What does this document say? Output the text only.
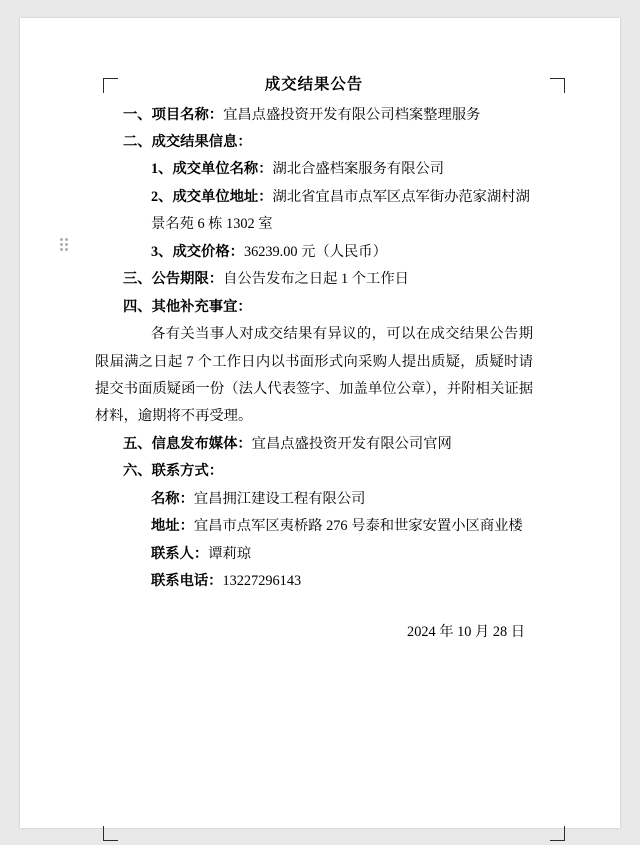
成交结果公告
一、项目名称：宜昌点盛投资开发有限公司档案整理服务
二、成交结果信息：
1、成交单位名称：湖北合盛档案服务有限公司
2、成交单位地址：湖北省宜昌市点军区点军街办范家湖村湖景名苑 6 栋 1302 室
3、成交价格：36239.00 元（人民币）
三、公告期限：自公告发布之日起 1 个工作日
四、其他补充事宜：
各有关当事人对成交结果有异议的，可以在成交结果公告期限届满之日起 7 个工作日内以书面形式向采购人提出质疑，质疑时请提交书面质疑函一份（法人代表签字、加盖单位公章），并附相关证据材料，逾期将不再受理。
五、信息发布媒体：宜昌点盛投资开发有限公司官网
六、联系方式：
名称：宜昌拥江建设工程有限公司
地址：宜昌市点军区夷桥路 276 号泰和世家安置小区商业楼
联系人：谭莉琼
联系电话：13227296143
2024 年 10 月 28 日
